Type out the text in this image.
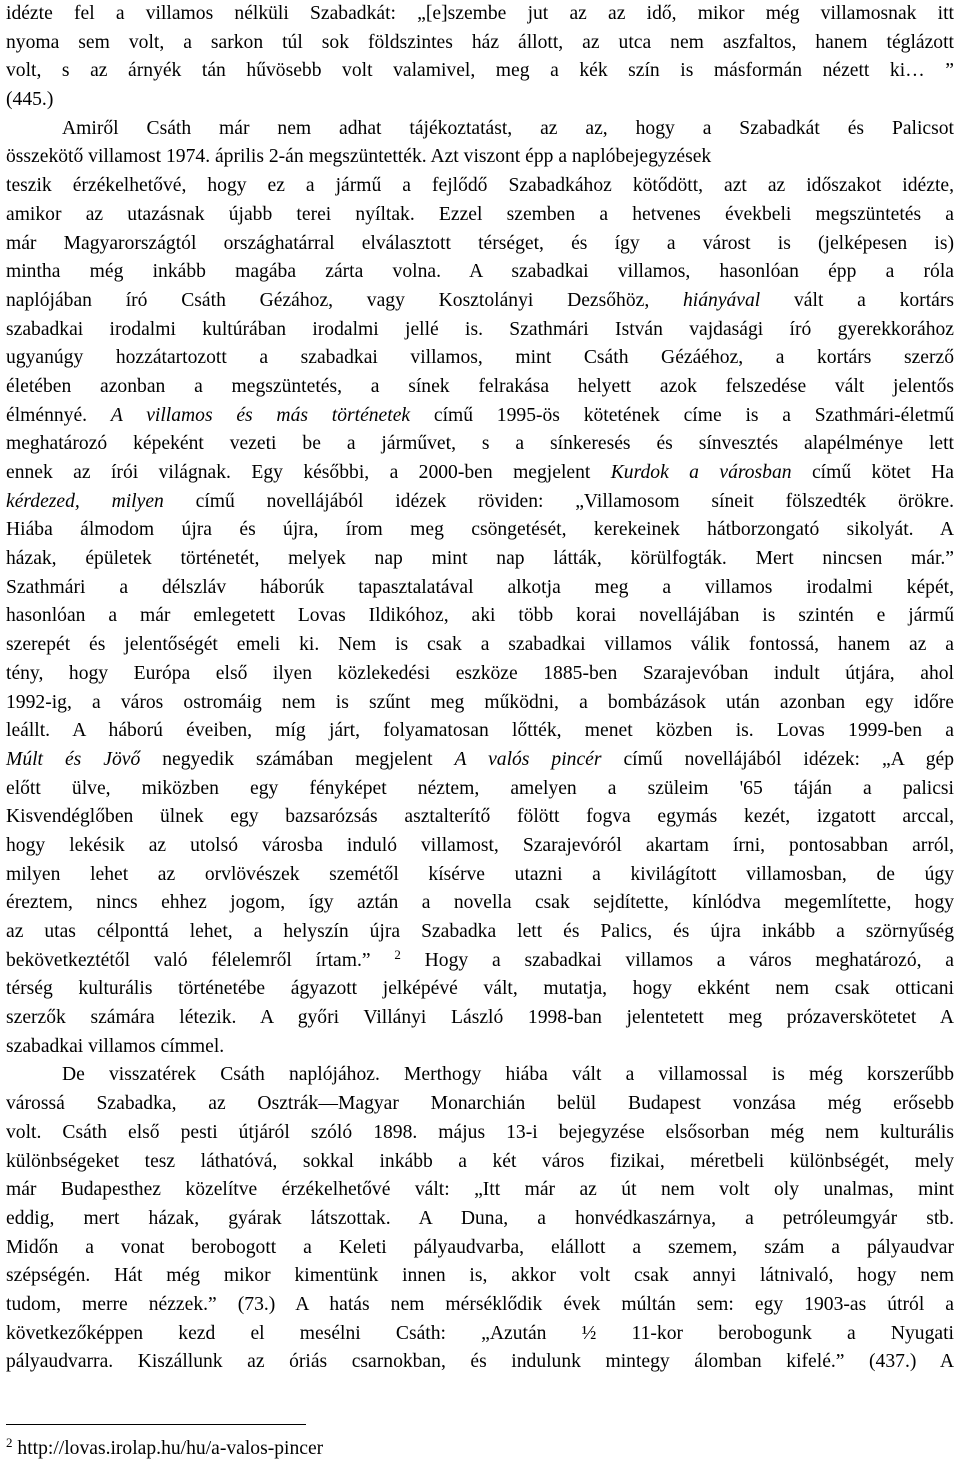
idézte fel a villamos nélküli Szabadkát: „[e]szembe jut az az idő, mikor még villamosnak itt
nyoma sem volt, a sarkon túl sok földszintes ház állott, az utca nem aszfaltos, hanem téglázott
volt, s az árnyék tán hűvösebb volt valamivel, meg a kék szín is másformán nézett ki… ”
(445.)
Amiről Csáth már nem adhat tájékoztatást, az az, hogy a Szabadkát és Palicsot
összekötő villamost 1974. április 2-án megszüntették. Azt viszont épp a naplóbejegyzések
teszik érzékelhetővé, hogy ez a jármű a fejlődő Szabadkához kötődött, azt az időszakot idézte,
amikor az utazásnak újabb terei nyíltak. Ezzel szemben a hetvenes évekbeli megszüntetés a
már Magyarországtól országhatárral elválasztott térséget, és így a várost is (jelképesen is)
mintha még inkább magába zárta volna. A szabadkai villamos, hasonlóan épp a róla
naplójában író Csáth Gézához, vagy Kosztolányi Dezsőhöz, hiányával vált a kortárs
szabadkai irodalmi kultúrában irodalmi jellé is. Szathmári István vajdasági író gyerekkorához
ugyanúgy hozzátartozott a szabadkai villamos, mint Csáth Gézáéhoz, a kortárs szerző
életében azonban a megszüntetés, a sínek felrakása helyett azok felszedése vált jelentős
élménnyé. A villamos és más történetek című 1995-ös kötetének címe is a Szathmári-életmű
meghatározó képeként vezeti be a járművet, s a sínkeresés és sínvesztés alapélménye lett
ennek az írói világnak. Egy későbbi, a 2000-ben megjelent Kurdok a városban című kötet Ha
kérdezed, milyen című novellájából idézek röviden: „Villamosom síneit fölszedték örökre.
Hiába álmodom újra és újra, írom meg csöngetését, kerekeinek hátborzongató sikolyát. A
házak, épületek történetét, melyek nap mint nap látták, körülfogták. Mert nincsen már.”
Szathmári a délszláv háborúk tapasztalatával alkotja meg a villamos irodalmi képét,
hasonlóan a már emlegetett Lovas Ildikóhoz, aki több korai novellájában is szintén e jármű
szerepét és jelentőségét emeli ki. Nem is csak a szabadkai villamos válik fontossá, hanem az a
tény, hogy Európa első ilyen közlekedési eszköze 1885-ben Szarajevóban indult útjára, ahol
1992-ig, a város ostromáig nem is szűnt meg működni, a bombázások után azonban egy időre
leállt. A háború éveiben, míg járt, folyamatosan lőtték, menet közben is. Lovas 1999-ben a
Múlt és Jövő negyedik számában megjelent A valós pincér című novellájából idézek: „A gép
előtt ülve, miközben egy fényképet néztem, amelyen a szüleim '65 táján a palicsi
Kisvendéglőben ülnek egy bazsarózsás asztalterítő fölött fogva egymás kezét, izgatott arccal,
hogy lekésik az utolsó városba induló villamost, Szarajevóról akartam írni, pontosabban arról,
milyen lehet az orvlövészek szemétől kísérve utazni a kivilágított villamosban, de úgy
éreztem, nincs ehhez jogom, így aztán a novella csak sejdítette, kínlódva megemlítette, hogy
az utas célponttá lehet, a helyszín újra Szabadka lett és Palics, és újra inkább a szörnyűség
bekövetkeztétől való félelemről írtam.” $^2$ Hogy a szabadkai villamos a város meghatározó, a
térség kulturális történetébe ágyazott jelképévé vált, mutatja, hogy ekként nem csak otticani
szerzők számára létezik. A győri Villányi László 1998-ban jelentetett meg prózaverskötetet A
szabadkai villamos címmel.
De visszatérek Csáth naplójához. Merthogy hiába vált a villamossal is még korszerűbb
várossá Szabadka, az Osztrák—Magyar Monarchián belül Budapest vonzása még erősebb
volt. Csáth első pesti útjáról szóló 1898. május 13-i bejegyzése elsősorban még nem kulturális
különbségeket tesz láthatóvá, sokkal inkább a két város fizikai, méretbeli különbségét, mely
már Budapesthez közelítve érzékelhetővé vált: „Itt már az út nem volt oly unalmas, mint
eddig, mert házak, gyárak látszottak. A Duna, a honvédkaszárnya, a petróleumgyár stb.
Midőn a vonat berobogott a Keleti pályaudvarba, elállott a szemem, szám a pályaudvar
szépségén. Hát még mikor kimentünk innen is, akkor volt csak annyi látnivaló, hogy nem
tudom, merre nézzek.” (73.) A hatás nem mérséklődik évek múltán sem: egy 1903-as útról a
következőképpen kezd el mesélni Csáth: „Azután ½ 11-kor berobogunk a Nyugati
pályaudvarra. Kiszállunk az óriás csarnokban, és indulunk mintegy álomban kifelé.” (437.) A
$^2$ http://lovas.irolap.hu/hu/a-valos-pincer
